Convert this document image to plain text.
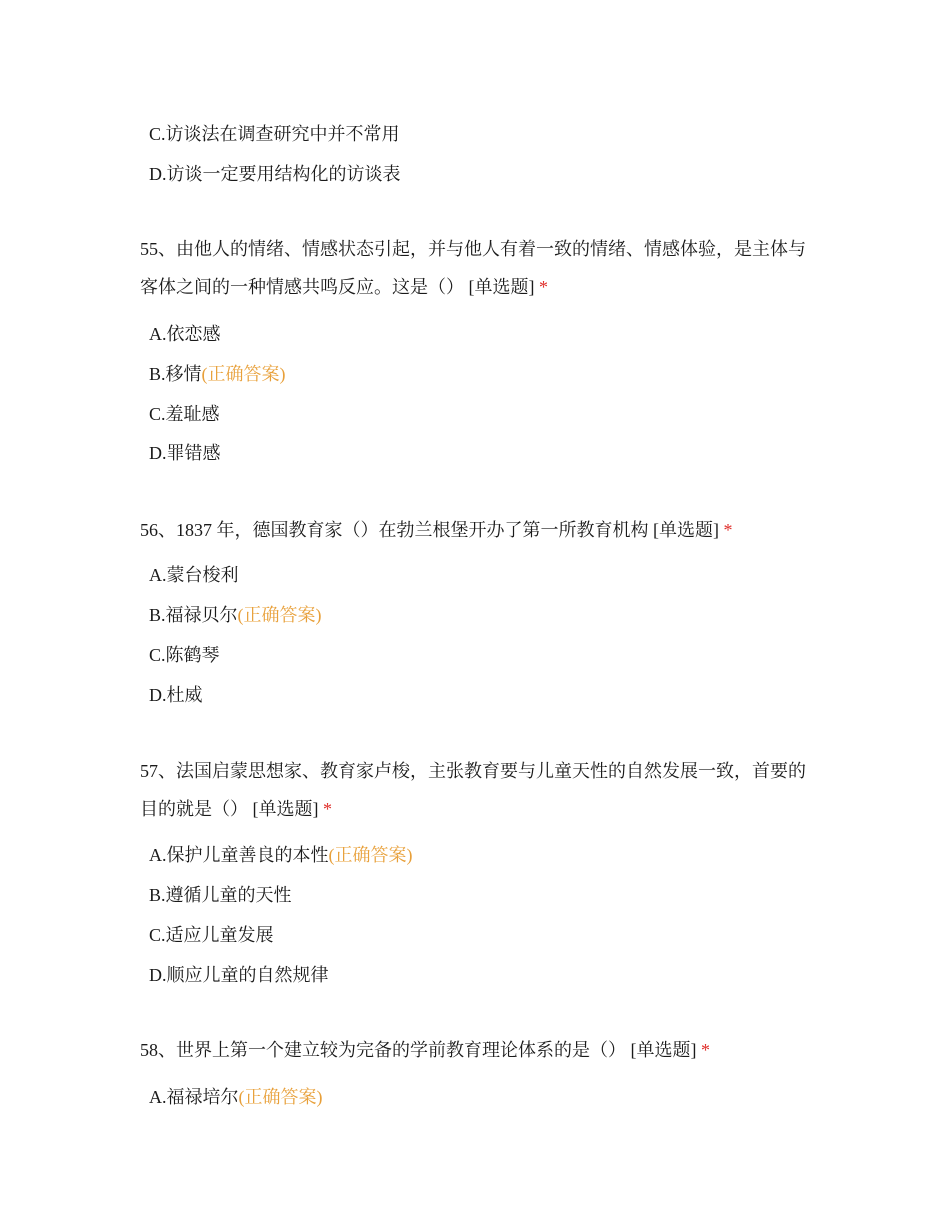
C.访谈法在调查研究中并不常用
D.访谈一定要用结构化的访谈表
55、由他人的情绪、情感状态引起，并与他人有着一致的情绪、情感体验，是主体与客体之间的一种情感共鸣反应。这是（） [单选题] *
A.依恋感
B.移情(正确答案)
C.羞耻感
D.罪错感
56、1837 年，德国教育家（）在勃兰根堡开办了第一所教育机构 [单选题] *
A.蒙台梭利
B.福禄贝尔(正确答案)
C.陈鹤琴
D.杜威
57、法国启蒙思想家、教育家卢梭，主张教育要与儿童天性的自然发展一致，首要的目的就是（） [单选题] *
A.保护儿童善良的本性(正确答案)
B.遵循儿童的天性
C.适应儿童发展
D.顺应儿童的自然规律
58、世界上第一个建立较为完备的学前教育理论体系的是（） [单选题] *
A.福禄培尔(正确答案)
